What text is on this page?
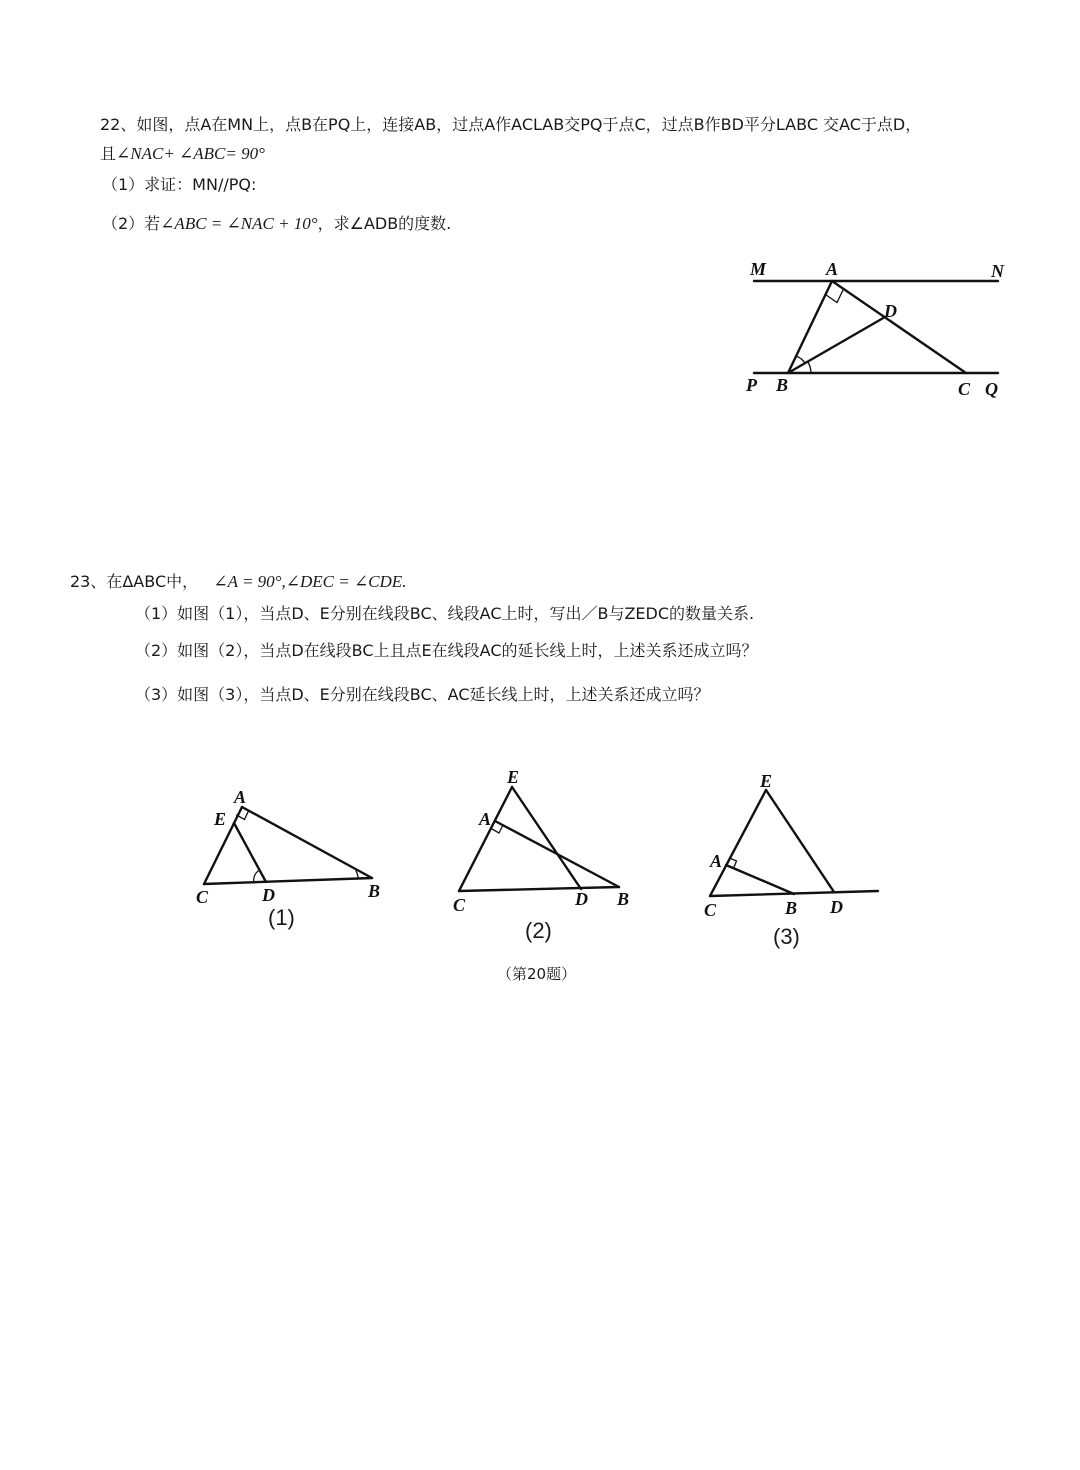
22、如图，点A在MN上，点B在PQ上，连接AB，过点A作ACLAB交PQ于点C，过点B作BD平分LABC 交AC于点D，
且∠NAC+ ∠ABC= 90°
（1）求证：MN//PQ:
（2）若∠ABC = ∠NAC + 10°，求∠ADB的度数.
M	A	N
D
P B	C Q
23、在ΔABC中， ∠A = 90°,∠DEC = ∠CDE.
（1）如图（1），当点D、E分别在线段BC、线段AC上时，写出／B与ZEDC的数量关系.
（2）如图（2），当点D在线段BC上且点E在线段AC的延长线上时，上述关系还成立吗？
（3）如图（3），当点D、E分别在线段BC、AC延长线上时，上述关系还成立吗？
A
E
C	D	B
(1)
E
A
C	D B
(2)
E
A
C	B D
(3)
（第20题）
